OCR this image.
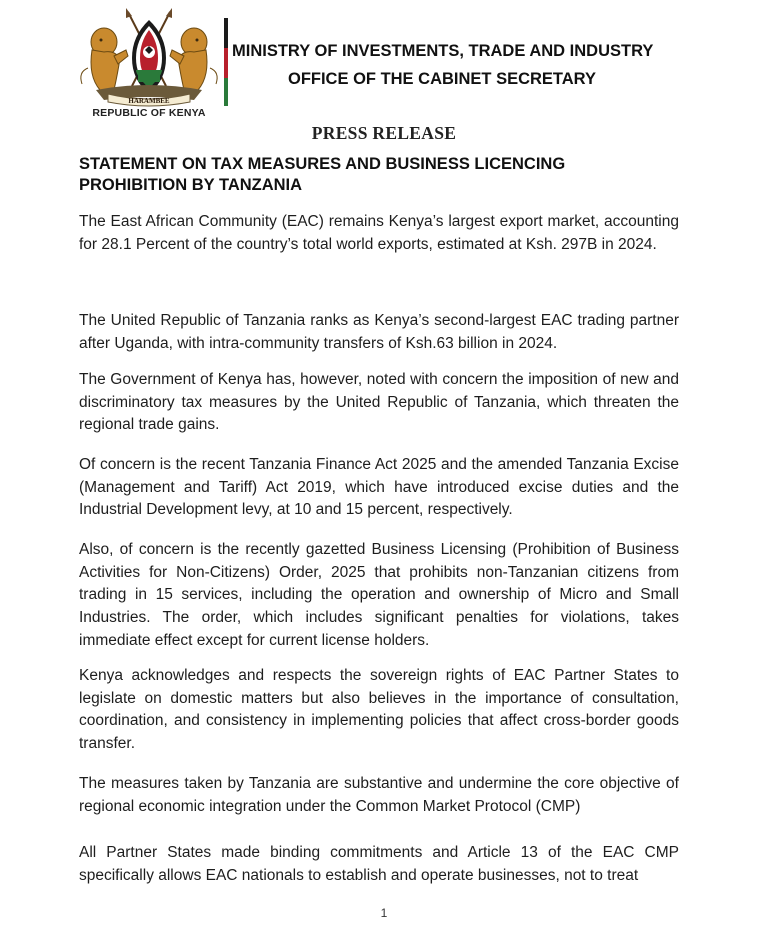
HARAMBEE
REPUBLIC OF KENYA
MINISTRY OF INVESTMENTS, TRADE AND INDUSTRY
OFFICE OF THE CABINET SECRETARY
PRESS RELEASE
STATEMENT ON TAX MEASURES AND BUSINESS LICENCING PROHIBITION BY TANZANIA

The East African Community (EAC) remains Kenya’s largest export market, accounting for 28.1 Percent of the country’s total world exports, estimated at Ksh. 297B in 2024.

The United Republic of Tanzania ranks as Kenya’s second-largest EAC trading partner after Uganda, with intra-community transfers of Ksh.63 billion in 2024.

The Government of Kenya has, however, noted with concern the imposition of new and discriminatory tax measures by the United Republic of Tanzania, which threaten the regional trade gains.

Of concern is the recent Tanzania Finance Act 2025 and the amended Tanzania Excise (Management and Tariff) Act 2019, which have introduced excise duties and the Industrial Development levy, at 10 and 15 percent, respectively.

Also, of concern is the recently gazetted Business Licensing (Prohibition of Business Activities for Non-Citizens) Order, 2025 that prohibits non-Tanzanian citizens from trading in 15 services, including the operation and ownership of Micro and Small Industries. The order, which includes significant penalties for violations, takes immediate effect except for current license holders.

Kenya acknowledges and respects the sovereign rights of EAC Partner States to legislate on domestic matters but also believes in the importance of consultation, coordination, and consistency in implementing policies that affect cross-border goods transfer.

The measures taken by Tanzania are substantive and undermine the core objective of regional economic integration under the Common Market Protocol (CMP)

All Partner States made binding commitments and Article 13 of the EAC CMP specifically allows EAC nationals to establish and operate businesses, not to treat

1
